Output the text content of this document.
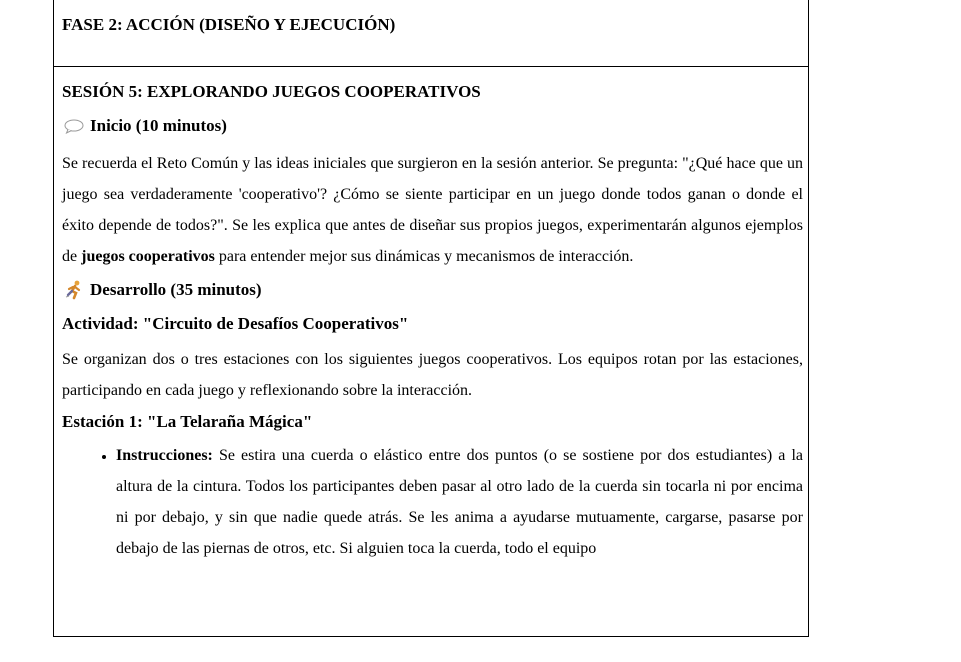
FASE 2: ACCIÓN (DISEÑO Y EJECUCIÓN)
SESIÓN 5: EXPLORANDO JUEGOS COOPERATIVOS
Inicio (10 minutos)
Se recuerda el Reto Común y las ideas iniciales que surgieron en la sesión anterior. Se pregunta: "¿Qué hace que un juego sea verdaderamente 'cooperativo'? ¿Cómo se siente participar en un juego donde todos ganan o donde el éxito depende de todos?". Se les explica que antes de diseñar sus propios juegos, experimentarán algunos ejemplos de juegos cooperativos para entender mejor sus dinámicas y mecanismos de interacción.
Desarrollo (35 minutos)
Actividad: "Circuito de Desafíos Cooperativos"
Se organizan dos o tres estaciones con los siguientes juegos cooperativos. Los equipos rotan por las estaciones, participando en cada juego y reflexionando sobre la interacción.
Estación 1: "La Telaraña Mágica"
• Instrucciones: Se estira una cuerda o elástico entre dos puntos (o se sostiene por dos estudiantes) a la altura de la cintura. Todos los participantes deben pasar al otro lado de la cuerda sin tocarla ni por encima ni por debajo, y sin que nadie quede atrás. Se les anima a ayudarse mutuamente, cargarse, pasarse por debajo de las piernas de otros, etc. Si alguien toca la cuerda, todo el equipo
